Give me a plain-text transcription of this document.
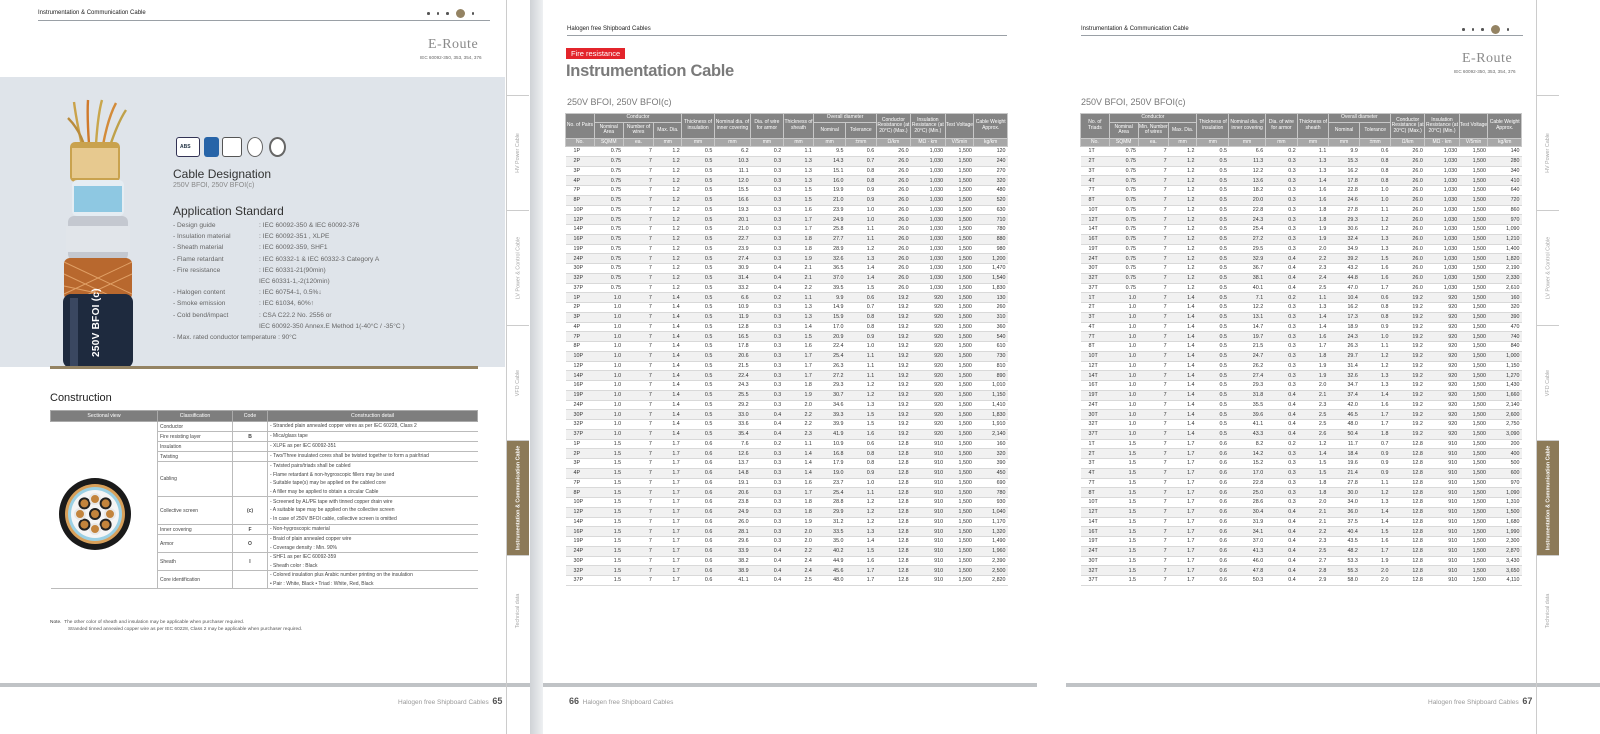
Instrumentation & Communication Cable
E-Route
IEC 60092-350, 353, 354, 376
250V BFOI (c)
ABS
Cable Designation
250V BFOI, 250V BFOI(c)
Application Standard
- Design guide	: IEC 60092-350 & IEC 60092-376
- Insulation material	: IEC 60092-351 , XLPE
- Sheath material	: IEC 60092-359, SHF1
- Flame retardant	: IEC 60332-1 & IEC 60332-3 Category A
- Fire resistance	: IEC 60331-21(90min)
IEC 60331-1,-2(120min)
- Halogen content	: IEC 60754-1, 0.5%↓
- Smoke emission	: IEC 61034, 60%↑
- Cold bend/impact	: CSA C22.2 No. 2556 or
IEC 60092-350 Annex.E Method 1(-40°C / -35°C )
- Max. rated conductor temperature : 90°C
Construction
Sectional view	Classification	Code	Construction detail
	Conductor		- Stranded plain annealed copper wires as per IEC 60228, Class 2

	Fire resisting layer	B	- Mica/glass tape

	Insulation		- XLPE as per IEC 60092-351

	Twisting		- Two/Three insulated cores shall be twisted together to form a pair/triad

	Cabling		- Twisted pairs/triads shall be cabled
- Flame retardant & non-hygroscopic fillers may be used
- Suitable tape(s) may be applied on the cabled core
- A filler may be applied to obtain a circular Cable

	Collective screen	(c)	- Screened by AL/PE tape with tinned copper drain wire
- A suitable tape may be applied on the collective screen
- In case of 250V BFOI cable, collective screen is omitted

	Inner covering	F	- Non-hygroscopic material

	Armor	O	- Braid of plain annealed copper wire
- Coverage density : Min. 90%

	Sheath	I	- SHF1 as per IEC 60092-359
- Sheath color : Black

	Core identification		- Colored insulation plus Arabic number printing on the insulation
• Pair : White, Black • Triad : White, Red, Black
Note. The other color of sheath and insulation may be applicable when purchaser required.
Stranded tinned annealed copper wire as per IEC 60228, Class 2 may be applicable when purchaser required.
Halogen free Shipboard Cables 65
HV Power Cable
LV Power & Control Cable
VFD Cable
Instrumentation & Communication Cable
Technical data
Halogen free Shipboard Cables
Fire resistance
Instrumentation Cable
250V BFOI, 250V BFOI(c)
No. of Pairs	Conductor			Thickness of insulation	Nominal dia. of inner covering	Dia. of wire for armor	Thickness of sheath	Overall diameter		Conductor Resistance (at 20°C) (Max.)	Insulation Resistance (at 20°C) (Min.)	Test Voltage	Cable Weight Approx.
	Nominal Area	Number of wires	Max. Dia.					Nominal	Tolerance				
No.	SQMM	ea.	mm	mm	mm	mm	mm	mm	±mm	Ω/km	MΩ · km	V/5min	kg/km
1P	0.75	7	1.2	0.5	6.2	0.2	1.1	9.5	0.6	26.0	1,030	1,500	120
2P	0.75	7	1.2	0.5	10.3	0.3	1.3	14.3	0.7	26.0	1,030	1,500	240
3P	0.75	7	1.2	0.5	11.1	0.3	1.3	15.1	0.8	26.0	1,030	1,500	270
4P	0.75	7	1.2	0.5	12.0	0.3	1.3	16.0	0.8	26.0	1,030	1,500	320
7P	0.75	7	1.2	0.5	15.5	0.3	1.5	19.9	0.9	26.0	1,030	1,500	480
8P	0.75	7	1.2	0.5	16.6	0.3	1.5	21.0	0.9	26.0	1,030	1,500	520
10P	0.75	7	1.2	0.5	19.3	0.3	1.6	23.9	1.0	26.0	1,030	1,500	630
12P	0.75	7	1.2	0.5	20.1	0.3	1.7	24.9	1.0	26.0	1,030	1,500	710
14P	0.75	7	1.2	0.5	21.0	0.3	1.7	25.8	1.1	26.0	1,030	1,500	780
16P	0.75	7	1.2	0.5	22.7	0.3	1.8	27.7	1.1	26.0	1,030	1,500	880
19P	0.75	7	1.2	0.5	23.9	0.3	1.8	28.9	1.2	26.0	1,030	1,500	980
24P	0.75	7	1.2	0.5	27.4	0.3	1.9	32.6	1.3	26.0	1,030	1,500	1,200
30P	0.75	7	1.2	0.5	30.9	0.4	2.1	36.5	1.4	26.0	1,030	1,500	1,470
32P	0.75	7	1.2	0.5	31.4	0.4	2.1	37.0	1.4	26.0	1,030	1,500	1,540
37P	0.75	7	1.2	0.5	33.2	0.4	2.2	39.5	1.5	26.0	1,030	1,500	1,830
1P	1.0	7	1.4	0.5	6.6	0.2	1.1	9.9	0.6	19.2	920	1,500	130
2P	1.0	7	1.4	0.5	10.9	0.3	1.3	14.9	0.7	19.2	920	1,500	260
3P	1.0	7	1.4	0.5	11.9	0.3	1.3	15.9	0.8	19.2	920	1,500	310
4P	1.0	7	1.4	0.5	12.8	0.3	1.4	17.0	0.8	19.2	920	1,500	360
7P	1.0	7	1.4	0.5	16.5	0.3	1.5	20.9	0.9	19.2	920	1,500	540
8P	1.0	7	1.4	0.5	17.8	0.3	1.6	22.4	1.0	19.2	920	1,500	610
10P	1.0	7	1.4	0.5	20.6	0.3	1.7	25.4	1.1	19.2	920	1,500	730
12P	1.0	7	1.4	0.5	21.5	0.3	1.7	26.3	1.1	19.2	920	1,500	810
14P	1.0	7	1.4	0.5	22.4	0.3	1.7	27.2	1.1	19.2	920	1,500	890
16P	1.0	7	1.4	0.5	24.3	0.3	1.8	29.3	1.2	19.2	920	1,500	1,010
19P	1.0	7	1.4	0.5	25.5	0.3	1.9	30.7	1.2	19.2	920	1,500	1,150
24P	1.0	7	1.4	0.5	29.2	0.3	2.0	34.6	1.3	19.2	920	1,500	1,410
30P	1.0	7	1.4	0.5	33.0	0.4	2.2	39.3	1.5	19.2	920	1,500	1,830
32P	1.0	7	1.4	0.5	33.6	0.4	2.2	39.9	1.5	19.2	920	1,500	1,910
37P	1.0	7	1.4	0.5	35.4	0.4	2.3	41.9	1.6	19.2	920	1,500	2,140
1P	1.5	7	1.7	0.6	7.6	0.2	1.1	10.9	0.6	12.8	910	1,500	160
2P	1.5	7	1.7	0.6	12.6	0.3	1.4	16.8	0.8	12.8	910	1,500	320
3P	1.5	7	1.7	0.6	13.7	0.3	1.4	17.9	0.8	12.8	910	1,500	390
4P	1.5	7	1.7	0.6	14.8	0.3	1.4	19.0	0.9	12.8	910	1,500	450
7P	1.5	7	1.7	0.6	19.1	0.3	1.6	23.7	1.0	12.8	910	1,500	690
8P	1.5	7	1.7	0.6	20.6	0.3	1.7	25.4	1.1	12.8	910	1,500	780
10P	1.5	7	1.7	0.6	23.8	0.3	1.8	28.8	1.2	12.8	910	1,500	930
12P	1.5	7	1.7	0.6	24.9	0.3	1.8	29.9	1.2	12.8	910	1,500	1,040
14P	1.5	7	1.7	0.6	26.0	0.3	1.9	31.2	1.2	12.8	910	1,500	1,170
16P	1.5	7	1.7	0.6	28.1	0.3	2.0	33.5	1.3	12.8	910	1,500	1,320
19P	1.5	7	1.7	0.6	29.6	0.3	2.0	35.0	1.4	12.8	910	1,500	1,490
24P	1.5	7	1.7	0.6	33.9	0.4	2.2	40.2	1.5	12.8	910	1,500	1,960
30P	1.5	7	1.7	0.6	38.2	0.4	2.4	44.9	1.6	12.8	910	1,500	2,390
32P	1.5	7	1.7	0.6	38.9	0.4	2.4	45.6	1.7	12.8	910	1,500	2,500
37P	1.5	7	1.7	0.6	41.1	0.4	2.5	48.0	1.7	12.8	910	1,500	2,820
66 Halogen free Shipboard Cables
Instrumentation & Communication Cable
E-Route
IEC 60092-350, 353, 354, 376
250V BFOI, 250V BFOI(c)
No. of Triads	Conductor			Thickness of insulation	Nominal dia. of inner covering	Dia. of wire for armor	Thickness of sheath	Overall diameter		Conductor Resistance (at 20°C) (Max.)	Insulation Resistance (at 20°C) (Min.)	Test Voltage	Cable Weight Approx.
	Nominal Area	Min. Number of wires	Max. Dia.					Nominal	Tolerance				
No.	SQMM	ea.	mm	mm	mm	mm	mm	mm	±mm	Ω/km	MΩ · km	V/5min	kg/km
1T	0.75	7	1.2	0.5	6.6	0.2	1.1	9.9	0.6	26.0	1,030	1,500	140
2T	0.75	7	1.2	0.5	11.3	0.3	1.3	15.3	0.8	26.0	1,030	1,500	280
3T	0.75	7	1.2	0.5	12.2	0.3	1.3	16.2	0.8	26.0	1,030	1,500	340
4T	0.75	7	1.2	0.5	13.6	0.3	1.4	17.8	0.8	26.0	1,030	1,500	410
7T	0.75	7	1.2	0.5	18.2	0.3	1.6	22.8	1.0	26.0	1,030	1,500	640
8T	0.75	7	1.2	0.5	20.0	0.3	1.6	24.6	1.0	26.0	1,030	1,500	720
10T	0.75	7	1.2	0.5	22.8	0.3	1.8	27.8	1.1	26.0	1,030	1,500	860
12T	0.75	7	1.2	0.5	24.3	0.3	1.8	29.3	1.2	26.0	1,030	1,500	970
14T	0.75	7	1.2	0.5	25.4	0.3	1.9	30.6	1.2	26.0	1,030	1,500	1,090
16T	0.75	7	1.2	0.5	27.2	0.3	1.9	32.4	1.3	26.0	1,030	1,500	1,210
19T	0.75	7	1.2	0.5	29.5	0.3	2.0	34.9	1.3	26.0	1,030	1,500	1,400
24T	0.75	7	1.2	0.5	32.9	0.4	2.2	39.2	1.5	26.0	1,030	1,500	1,820
30T	0.75	7	1.2	0.5	36.7	0.4	2.3	43.2	1.6	26.0	1,030	1,500	2,190
32T	0.75	7	1.2	0.5	38.1	0.4	2.4	44.8	1.6	26.0	1,030	1,500	2,330
37T	0.75	7	1.2	0.5	40.1	0.4	2.5	47.0	1.7	26.0	1,030	1,500	2,610
1T	1.0	7	1.4	0.5	7.1	0.2	1.1	10.4	0.6	19.2	920	1,500	160
2T	1.0	7	1.4	0.5	12.2	0.3	1.3	16.2	0.8	19.2	920	1,500	320
3T	1.0	7	1.4	0.5	13.1	0.3	1.4	17.3	0.8	19.2	920	1,500	390
4T	1.0	7	1.4	0.5	14.7	0.3	1.4	18.9	0.9	19.2	920	1,500	470
7T	1.0	7	1.4	0.5	19.7	0.3	1.6	24.3	1.0	19.2	920	1,500	740
8T	1.0	7	1.4	0.5	21.5	0.3	1.7	26.3	1.1	19.2	920	1,500	840
10T	1.0	7	1.4	0.5	24.7	0.3	1.8	29.7	1.2	19.2	920	1,500	1,000
12T	1.0	7	1.4	0.5	26.2	0.3	1.9	31.4	1.2	19.2	920	1,500	1,150
14T	1.0	7	1.4	0.5	27.4	0.3	1.9	32.6	1.3	19.2	920	1,500	1,270
16T	1.0	7	1.4	0.5	29.3	0.3	2.0	34.7	1.3	19.2	920	1,500	1,430
19T	1.0	7	1.4	0.5	31.8	0.4	2.1	37.4	1.4	19.2	920	1,500	1,660
24T	1.0	7	1.4	0.5	35.5	0.4	2.3	42.0	1.6	19.2	920	1,500	2,140
30T	1.0	7	1.4	0.5	39.6	0.4	2.5	46.5	1.7	19.2	920	1,500	2,600
32T	1.0	7	1.4	0.5	41.1	0.4	2.5	48.0	1.7	19.2	920	1,500	2,750
37T	1.0	7	1.4	0.5	43.3	0.4	2.6	50.4	1.8	19.2	920	1,500	3,090
1T	1.5	7	1.7	0.6	8.2	0.2	1.2	11.7	0.7	12.8	910	1,500	200
2T	1.5	7	1.7	0.6	14.2	0.3	1.4	18.4	0.9	12.8	910	1,500	400
3T	1.5	7	1.7	0.6	15.2	0.3	1.5	19.6	0.9	12.8	910	1,500	500
4T	1.5	7	1.7	0.6	17.0	0.3	1.5	21.4	0.9	12.8	910	1,500	600
7T	1.5	7	1.7	0.6	22.8	0.3	1.8	27.8	1.1	12.8	910	1,500	970
8T	1.5	7	1.7	0.6	25.0	0.3	1.8	30.0	1.2	12.8	910	1,500	1,090
10T	1.5	7	1.7	0.6	28.6	0.3	2.0	34.0	1.3	12.8	910	1,500	1,310
12T	1.5	7	1.7	0.6	30.4	0.4	2.1	36.0	1.4	12.8	910	1,500	1,500
14T	1.5	7	1.7	0.6	31.9	0.4	2.1	37.5	1.4	12.8	910	1,500	1,680
16T	1.5	7	1.7	0.6	34.1	0.4	2.2	40.4	1.5	12.8	910	1,500	1,990
19T	1.5	7	1.7	0.6	37.0	0.4	2.3	43.5	1.6	12.8	910	1,500	2,300
24T	1.5	7	1.7	0.6	41.3	0.4	2.5	48.2	1.7	12.8	910	1,500	2,870
30T	1.5	7	1.7	0.6	46.0	0.4	2.7	53.3	1.9	12.8	910	1,500	3,430
32T	1.5	7	1.7	0.6	47.8	0.4	2.8	55.3	2.0	12.8	910	1,500	3,650
37T	1.5	7	1.7	0.6	50.3	0.4	2.9	58.0	2.0	12.8	910	1,500	4,110
Halogen free Shipboard Cables 67
HV Power Cable
LV Power & Control Cable
VFD Cable
Instrumentation & Communication Cable
Technical data
